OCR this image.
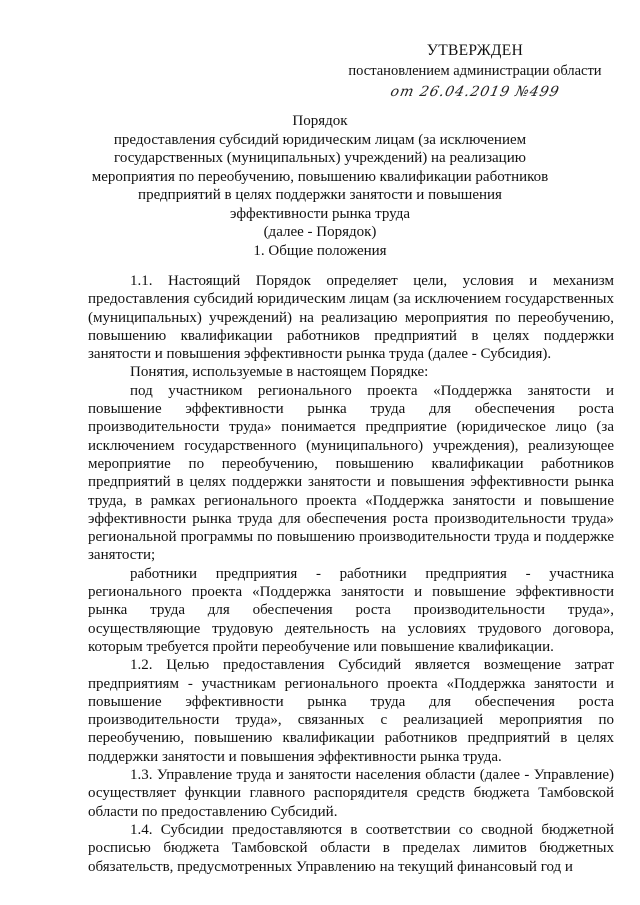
УТВЕРЖДЕН
постановлением администрации области
от 26.04.2019 №499
Порядок
предоставления субсидий юридическим лицам (за исключением государственных (муниципальных) учреждений) на реализацию мероприятия по переобучению, повышению квалификации работников предприятий в целях поддержки занятости и повышения эффективности рынка труда
(далее - Порядок)
1. Общие положения

1.1. Настоящий Порядок определяет цели, условия и механизм предоставления субсидий юридическим лицам (за исключением государственных (муниципальных) учреждений) на реализацию мероприятия по переобучению, повышению квалификации работников предприятий в целях поддержки занятости и повышения эффективности рынка труда (далее - Субсидия).

Понятия, используемые в настоящем Порядке:

под участником регионального проекта «Поддержка занятости и повышение эффективности рынка труда для обеспечения роста производительности труда» понимается предприятие (юридическое лицо (за исключением государственного (муниципального) учреждения), реализующее мероприятие по переобучению, повышению квалификации работников предприятий в целях поддержки занятости и повышения эффективности рынка труда, в рамках регионального проекта «Поддержка занятости и повышение эффективности рынка труда для обеспечения роста производительности труда» региональной программы по повышению производительности труда и поддержке занятости;

работники предприятия - работники предприятия - участника регионального проекта «Поддержка занятости и повышение эффективности рынка труда для обеспечения роста производительности труда», осуществляющие трудовую деятельность на условиях трудового договора, которым требуется пройти переобучение или повышение квалификации.

1.2. Целью предоставления Субсидий является возмещение затрат предприятиям - участникам регионального проекта «Поддержка занятости и повышение эффективности рынка труда для обеспечения роста производительности труда», связанных с реализацией мероприятия по переобучению, повышению квалификации работников предприятий в целях поддержки занятости и повышения эффективности рынка труда.

1.3. Управление труда и занятости населения области (далее - Управление) осуществляет функции главного распорядителя средств бюджета Тамбовской области по предоставлению Субсидий.

1.4. Субсидии предоставляются в соответствии со сводной бюджетной росписью бюджета Тамбовской области в пределах лимитов бюджетных обязательств, предусмотренных Управлению на текущий финансовый год и
